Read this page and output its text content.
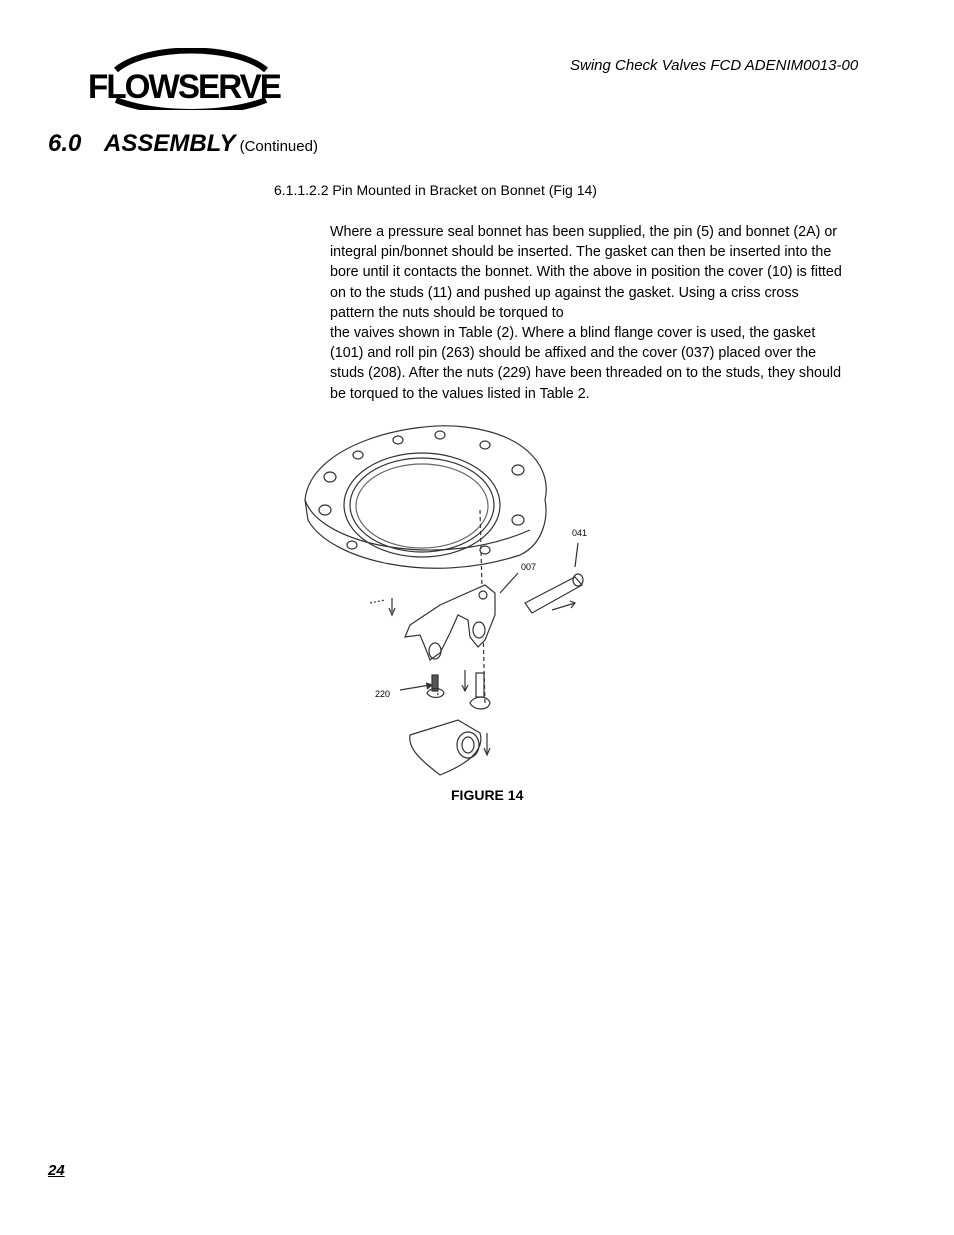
FLOWSERVE
Swing Check Valves FCD ADENIM0013-00
6.0 ASSEMBLY (Continued)
6.1.1.2.2 Pin Mounted in Bracket on Bonnet (Fig 14)

Where a pressure seal bonnet has been supplied, the pin (5) and bonnet (2A) or integral pin/bonnet should be inserted. The gasket can then be inserted into the bore until it contacts the bonnet. With the above in position the cover (10) is fitted on to the studs (11) and pushed up against the gasket. Using a criss cross pattern the nuts should be torqued to

the vaives shown in Table (2). Where a blind flange cover is used, the gasket (101) and roll pin (263) should be affixed and the cover (037) placed over the studs (208). After the nuts (229) have been threaded on to the studs, they should be torqued to the values listed in Table 2.

041
007
220
FIGURE 14
24
